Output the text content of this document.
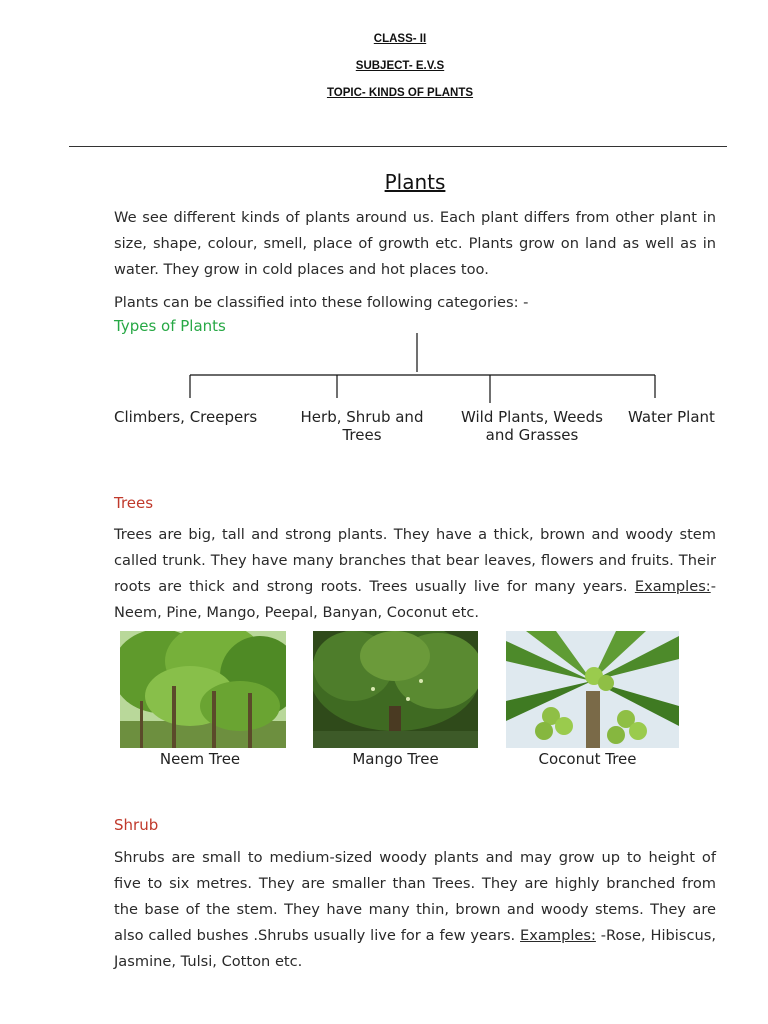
CLASS- II
SUBJECT- E.V.S
TOPIC- KINDS OF PLANTS
Plants
We see different kinds of plants around us. Each plant differs from other plant in size, shape, colour, smell, place of growth etc. Plants grow on land as well as in water. They grow in cold places and hot places too.
Plants can be classified into these following categories: -
Types of Plants
Climbers, Creepers	Herb, Shrub and
Trees
Wild Plants, Weeds
and Grasses
Water Plant
Trees
Trees are big, tall and strong plants. They have a thick, brown and woody stem called trunk. They have many branches that bear leaves, flowers and fruits. Their roots are thick and strong roots. Trees usually live for many years. Examples:-Neem, Pine, Mango, Peepal, Banyan, Coconut etc.
Neem Tree	Mango Tree	Coconut Tree
Shrub
Shrubs are small to medium-sized woody plants and may grow up to height of five to six metres. They are smaller than Trees. They are highly branched from the base of the stem. They have many thin, brown and woody stems. They are also called bushes .Shrubs usually live for a few years. Examples: -Rose, Hibiscus, Jasmine, Tulsi, Cotton etc.
